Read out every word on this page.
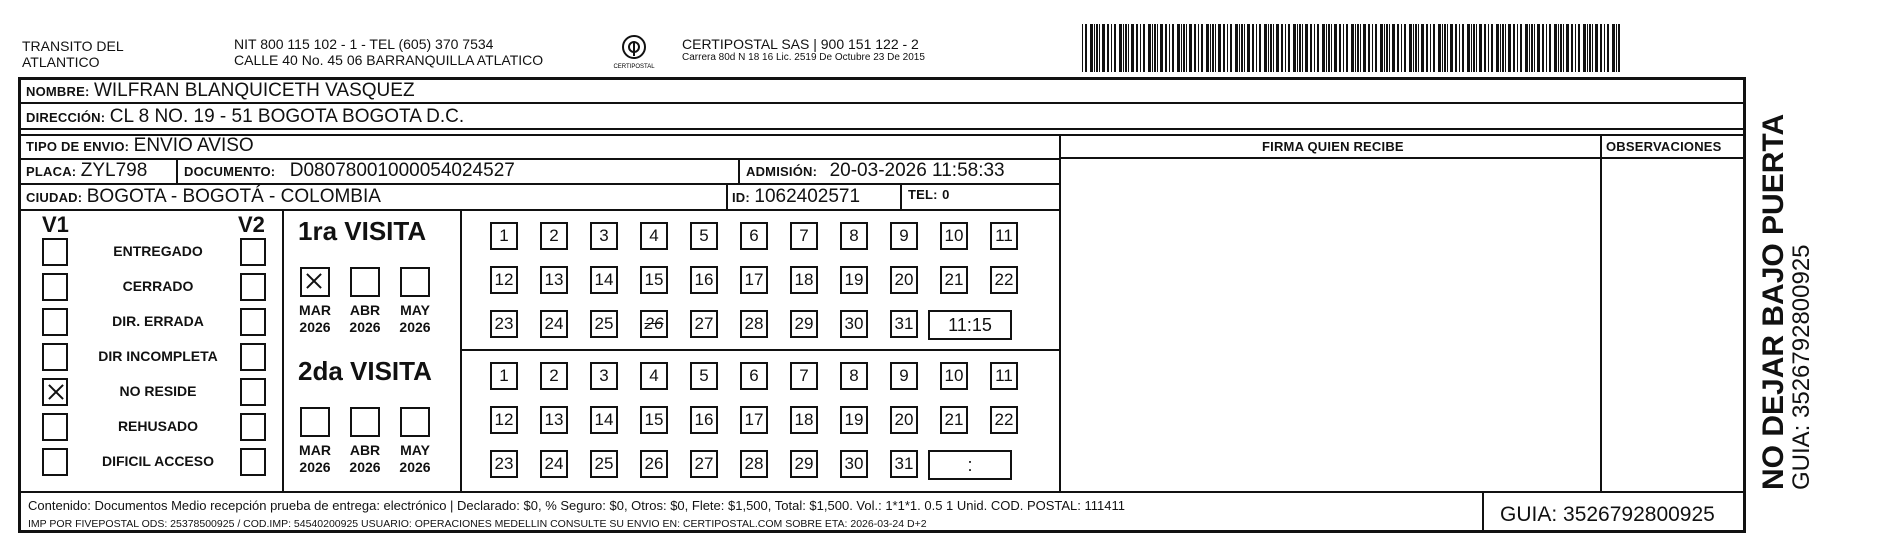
TRANSITO DEL
ATLANTICO
NIT 800 115 102 - 1 - TEL (605) 370 7534
CALLE 40 No. 45 06 BARRANQUILLA ATLATICO	CERTIPOSTAL
CERTIPOSTAL SAS | 900 151 122 - 2
Carrera 80d N 18 16 Lic. 2519 De Octubre 23 De 2015
NOMBRE: WILFRAN BLANQUICETH VASQUEZ
DIRECCIÓN: CL 8 NO. 19 - 51 BOGOTA BOGOTA D.C.
TIPO DE ENVIO: ENVIO AVISO	FIRMA QUIEN RECIBE	OBSERVACIONES
PLACA: ZYL798	DOCUMENTO: D08078001000054024527	ADMISIÓN: 20-03-2026 11:58:33
CIUDAD: BOGOTA - BOGOTÁ - COLOMBIA	ID: 1062402571	TEL: 0
V1	V2
ENTREGADO
CERRADO
DIR. ERRADA
DIR INCOMPLETA
NO RESIDE
REHUSADO
DIFICIL ACCESO
1ra VISITA
MAR
2026
ABR
2026
MAY
2026
1	2	3	4	5	6	7	8	9	10	11
12 13 14 15 16 17 18 19 20 21 22
23 24 25 26 27 28 29 30 31	11:15
2da VISITA
MAR
2026
ABR
2026
MAY
2026
1	2	3	4	5	6	7	8	9	10	11
12 13 14 15 16 17 18 19 20 21 22
23 24 25 26 27 28 29 30 31	:
Contenido: Documentos Medio recepción prueba de entrega: electrónico | Declarado: $0, % Seguro: $0, Otros: $0, Flete: $1,500, Total: $1,500. Vol.: 1*1*1. 0.5 1 Unid. COD. POSTAL: 111411
IMP POR FIVEPOSTAL ODS: 25378500925 / COD.IMP: 54540200925 USUARIO: OPERACIONES MEDELLIN CONSULTE SU ENVIO EN: CERTIPOSTAL.COM SOBRE ETA: 2026-03-24 D+2	GUIA: 3526792800925
NO DEJAR BAJO PUERTA
GUIA: 3526792800925
